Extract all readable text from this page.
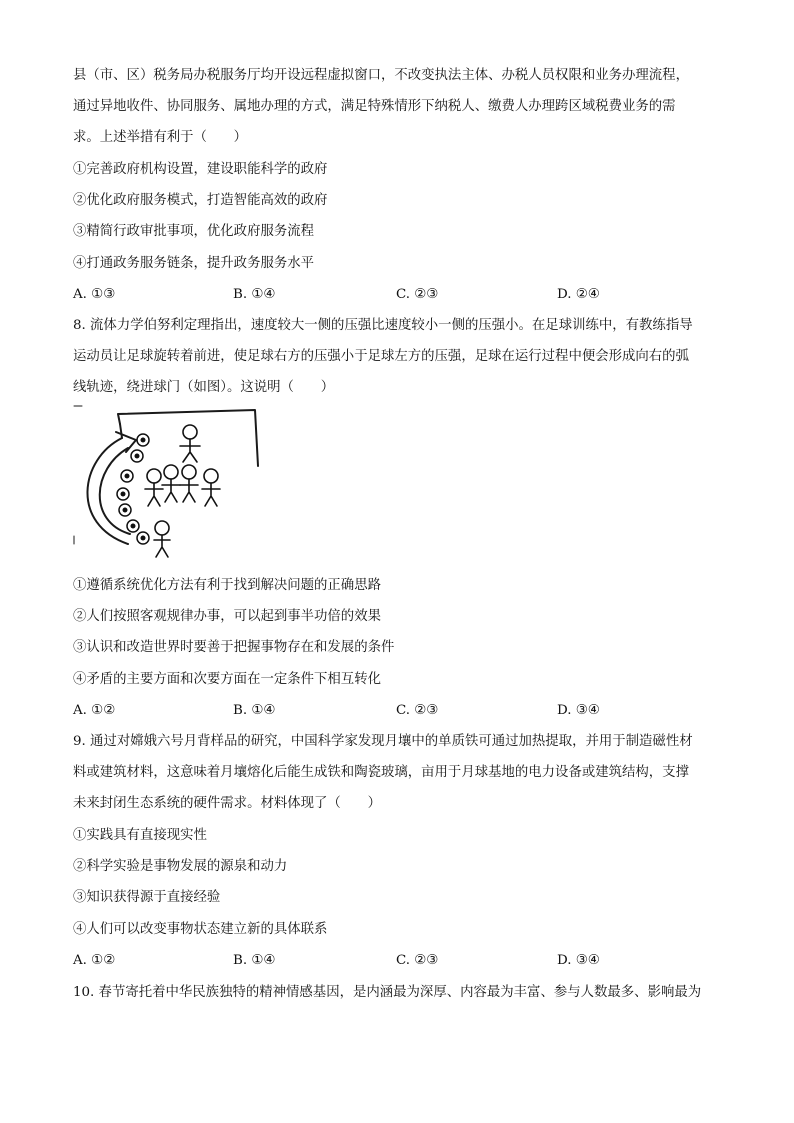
县（市、区）税务局办税服务厅均开设远程虚拟窗口，不改变执法主体、办税人员权限和业务办理流程，
通过异地收件、协同服务、属地办理的方式，满足特殊情形下纳税人、缴费人办理跨区域税费业务的需
求。上述举措有利于（　　）
①完善政府机构设置，建设职能科学的政府
②优化政府服务模式，打造智能高效的政府
③精简行政审批事项，优化政府服务流程
④打通政务服务链条，提升政务服务水平
A. ①③	B. ①④	C. ②③	D. ②④
8. 流体力学伯努利定理指出，速度较大一侧的压强比速度较小一侧的压强小。在足球训练中，有教练指导
运动员让足球旋转着前进，使足球右方的压强小于足球左方的压强，足球在运行过程中便会形成向右的弧
线轨迹，绕进球门（如图）。这说明（　　）
①遵循系统优化方法有利于找到解决问题的正确思路
②人们按照客观规律办事，可以起到事半功倍的效果
③认识和改造世界时要善于把握事物存在和发展的条件
④矛盾的主要方面和次要方面在一定条件下相互转化
A. ①②	B. ①④	C. ②③	D. ③④
9. 通过对嫦娥六号月背样品的研究，中国科学家发现月壤中的单质铁可通过加热提取，并用于制造磁性材
料或建筑材料，这意味着月壤熔化后能生成铁和陶瓷玻璃，亩用于月球基地的电力设备或建筑结构，支撑
未来封闭生态系统的硬件需求。材料体现了（　　）
①实践具有直接现实性
②科学实验是事物发展的源泉和动力
③知识获得源于直接经验
④人们可以改变事物状态建立新的具体联系
A. ①②	B. ①④	C. ②③	D. ③④
10. 春节寄托着中华民族独特的精神情感基因，是内涵最为深厚、内容最为丰富、参与人数最多、影响最为
